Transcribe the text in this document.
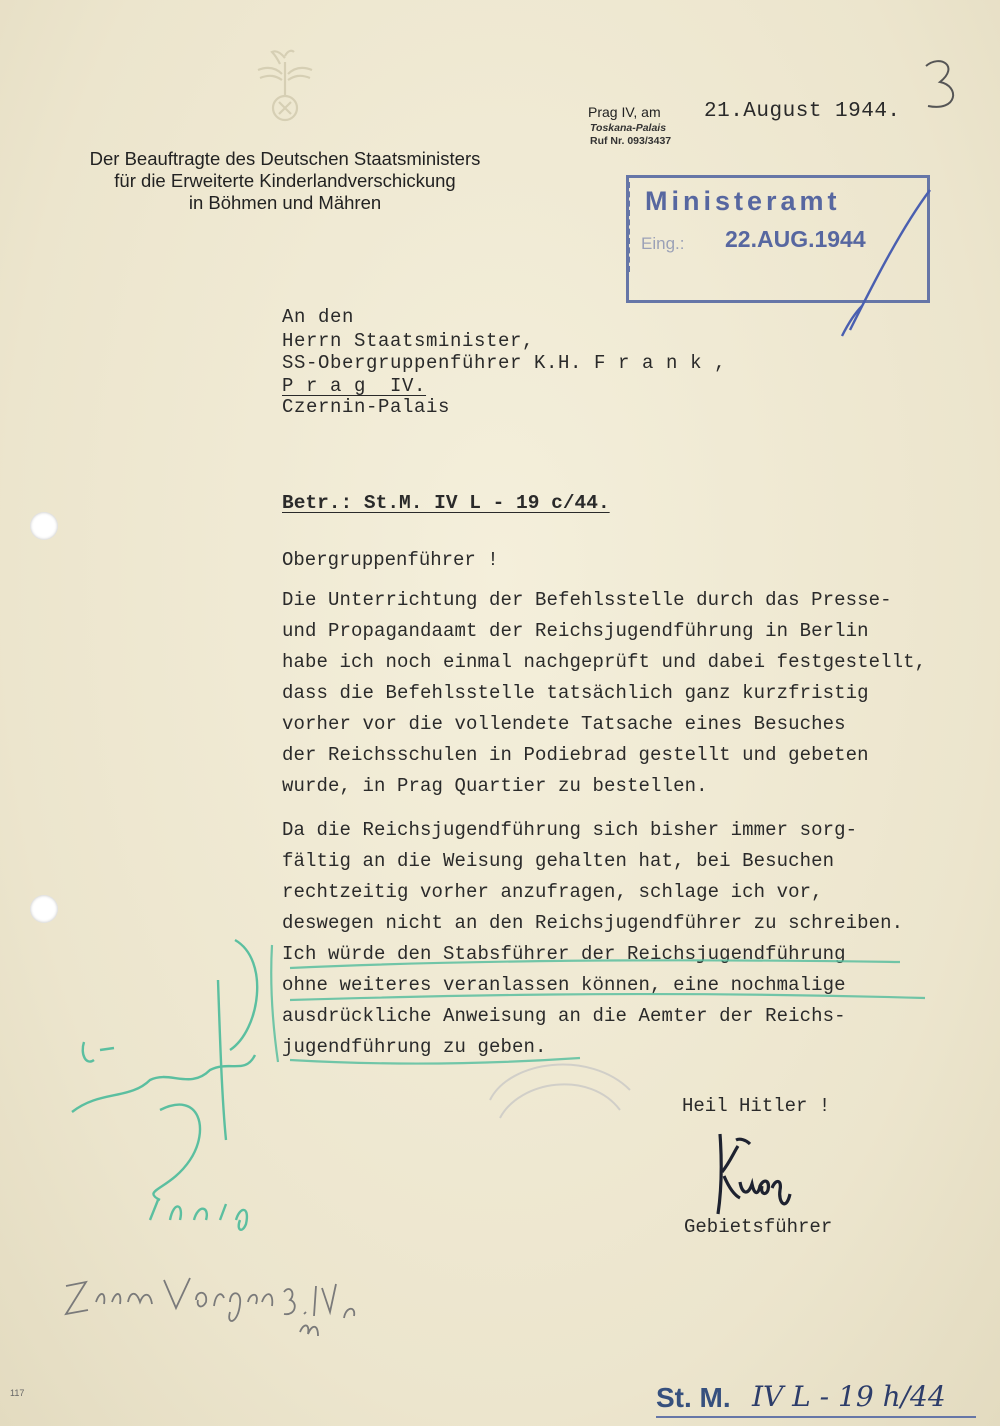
Der Beauftragte des Deutschen Staatsministers
für die Erweiterte Kinderlandverschickung
in Böhmen und Mähren
Prag IV, am
Toskana-Palais
Ruf Nr. 093/3437
21.August 1944.
Ministeramt
Eing.: 22.AUG.1944
An den
Herrn Staatsminister,
SS-Obergruppenführer K.H. F r a n k ,
P r a g  IV.
Czernin-Palais
Betr.: St.M. IV L - 19 c/44.
Obergruppenführer !
Die Unterrichtung der Befehlsstelle durch das Presse-
und Propagandaamt der Reichsjugendführung in Berlin
habe ich noch einmal nachgeprüft und dabei festgestellt,
dass die Befehlsstelle tatsächlich ganz kurzfristig
vorher vor die vollendete Tatsache eines Besuches
der Reichsschulen in Podiebrad gestellt und gebeten
wurde, in Prag Quartier zu bestellen.
Da die Reichsjugendführung sich bisher immer sorg-
fältig an die Weisung gehalten hat, bei Besuchen
rechtzeitig vorher anzufragen, schlage ich vor,
deswegen nicht an den Reichsjugendführer zu schreiben.
Ich würde den Stabsführer der Reichsjugendführung
ohne weiteres veranlassen können, eine nochmalige
ausdrückliche Anweisung an die Aemter der Reichs-
jugendführung zu geben.
Heil Hitler !
Gebietsführer
St. M. IV L - 19 h/44
117
